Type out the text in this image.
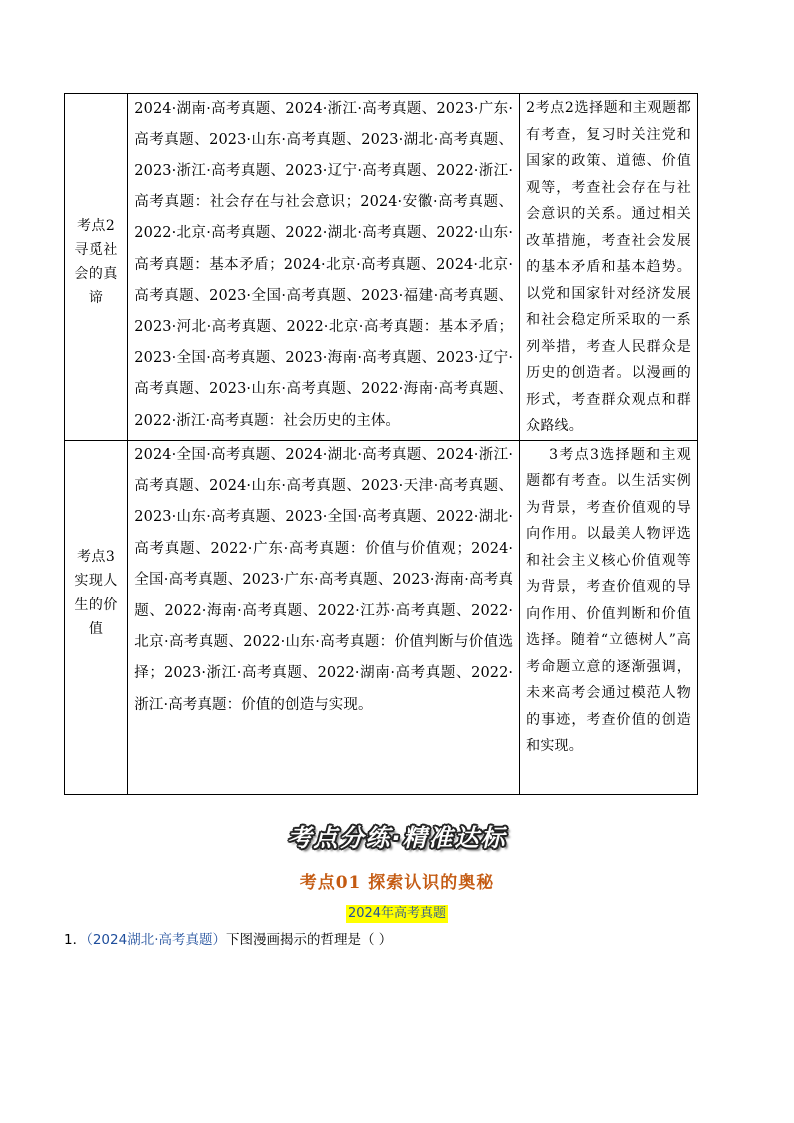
考点2寻觅社会的真谛	2024·湖南·高考真题、2024·浙江·高考真题、2023·广东·高考真题、2023·山东·高考真题、2023·湖北·高考真题、2023·浙江·高考真题、2023·辽宁·高考真题、2022·浙江·高考真题：社会存在与社会意识；2024·安徽·高考真题、2022·北京·高考真题、2022·湖北·高考真题、2022·山东·高考真题：基本矛盾；2024·北京·高考真题、2024·北京·高考真题、2023·全国·高考真题、2023·福建·高考真题、2023·河北·高考真题、2022·北京·高考真题：基本矛盾；2023·全国·高考真题、2023·海南·高考真题、2023·辽宁·高考真题、2023·山东·高考真题、2022·海南·高考真题、2022·浙江·高考真题：社会历史的主体。	2考点2选择题和主观题都有考查，复习时关注党和国家的政策、道德、价值观等，考查社会存在与社会意识的关系。通过相关改革措施，考查社会发展的基本矛盾和基本趋势。以党和国家针对经济发展和社会稳定所采取的一系列举措，考查人民群众是历史的创造者。以漫画的形式，考查群众观点和群众路线。

考点3实现人生的价值	2024·全国·高考真题、2024·湖北·高考真题、2024·浙江·高考真题、2024·山东·高考真题、2023·天津·高考真题、2023·山东·高考真题、2023·全国·高考真题、2022·湖北·高考真题、2022·广东·高考真题：价值与价值观；2024·全国·高考真题、2023·广东·高考真题、2023·海南·高考真题、2022·海南·高考真题、2022·江苏·高考真题、2022·北京·高考真题、2022·山东·高考真题：价值判断与价值选择；2023·浙江·高考真题、2022·湖南·高考真题、2022·浙江·高考真题：价值的创造与实现。	3考点3选择题和主观题都有考查。以生活实例为背景，考查价值观的导向作用。以最美人物评选和社会主义核心价值观等为背景，考查价值观的导向作用、价值判断和价值选择。随着“立德树人”高考命题立意的逐渐强调，未来高考会通过模范人物的事迹，考查价值的创造和实现。
考点分练·精准达标
考点01 探索认识的奥秘
2024年高考真题
1．（2024湖北·高考真题）下图漫画揭示的哲理是（ ）
